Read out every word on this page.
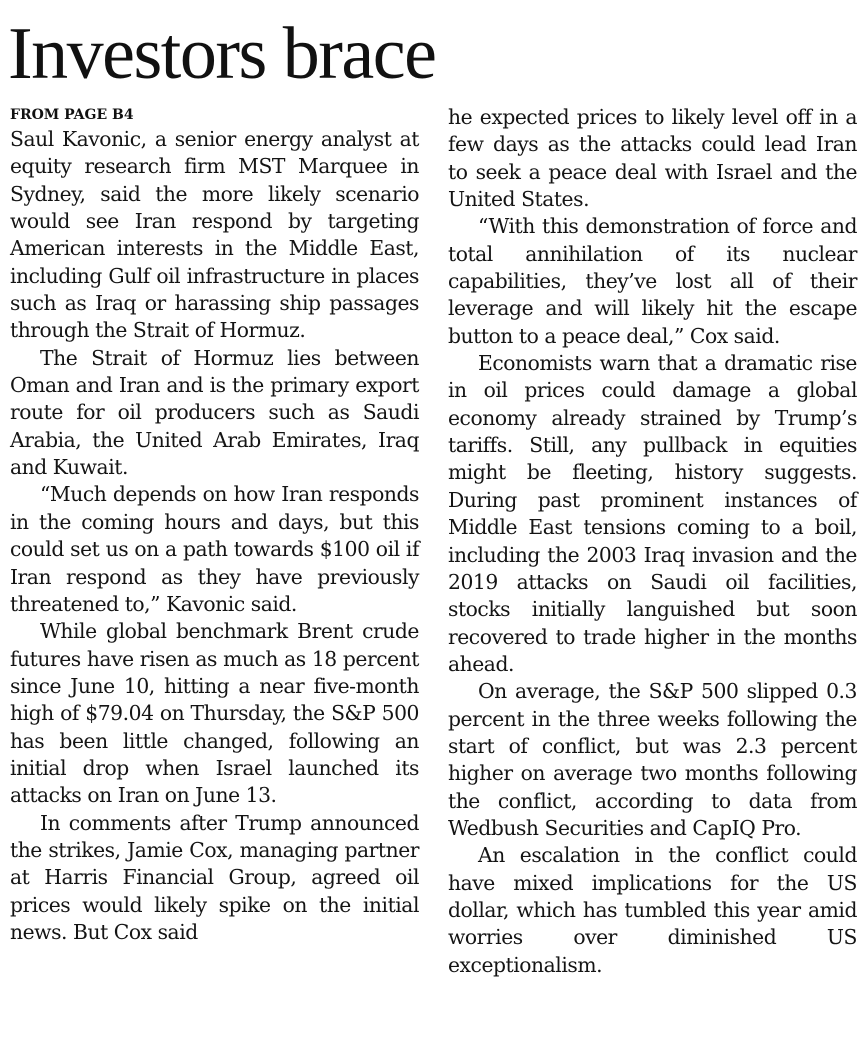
Investors brace
FROM PAGE B4

Saul Kavonic, a senior energy analyst at equity research firm MST Marquee in Sydney, said the more likely scenario would see Iran respond by targeting American interests in the Middle East, including Gulf oil infrastructure in places such as Iraq or harassing ship passages through the Strait of Hormuz.

The Strait of Hormuz lies between Oman and Iran and is the primary export route for oil producers such as Saudi Arabia, the United Arab Emirates, Iraq and Kuwait.

“Much depends on how Iran responds in the coming hours and days, but this could set us on a path towards $100 oil if Iran respond as they have previously threatened to,” Kavonic said.

While global benchmark Brent crude futures have risen as much as 18 percent since June 10, hitting a near five-month high of $79.04 on Thursday, the S&P 500 has been little changed, following an initial drop when Israel launched its attacks on Iran on June 13.

In comments after Trump announced the strikes, Jamie Cox, managing partner at Harris Financial Group, agreed oil prices would likely spike on the initial news. But Cox said

he expected prices to likely level off in a few days as the attacks could lead Iran to seek a peace deal with Israel and the United States.

“With this demonstration of force and total annihilation of its nuclear capabilities, they’ve lost all of their leverage and will likely hit the escape button to a peace deal,” Cox said.

Economists warn that a dramatic rise in oil prices could damage a global economy already strained by Trump’s tariffs. Still, any pullback in equities might be fleeting, history suggests. During past prominent instances of Middle East tensions coming to a boil, including the 2003 Iraq invasion and the 2019 attacks on Saudi oil facilities, stocks initially languished but soon recovered to trade higher in the months ahead.

On average, the S&P 500 slipped 0.3 percent in the three weeks following the start of conflict, but was 2.3 percent higher on average two months following the conflict, according to data from Wedbush Securities and CapIQ Pro.

An escalation in the conflict could have mixed implications for the US dollar, which has tumbled this year amid worries over diminished US exceptionalism.
